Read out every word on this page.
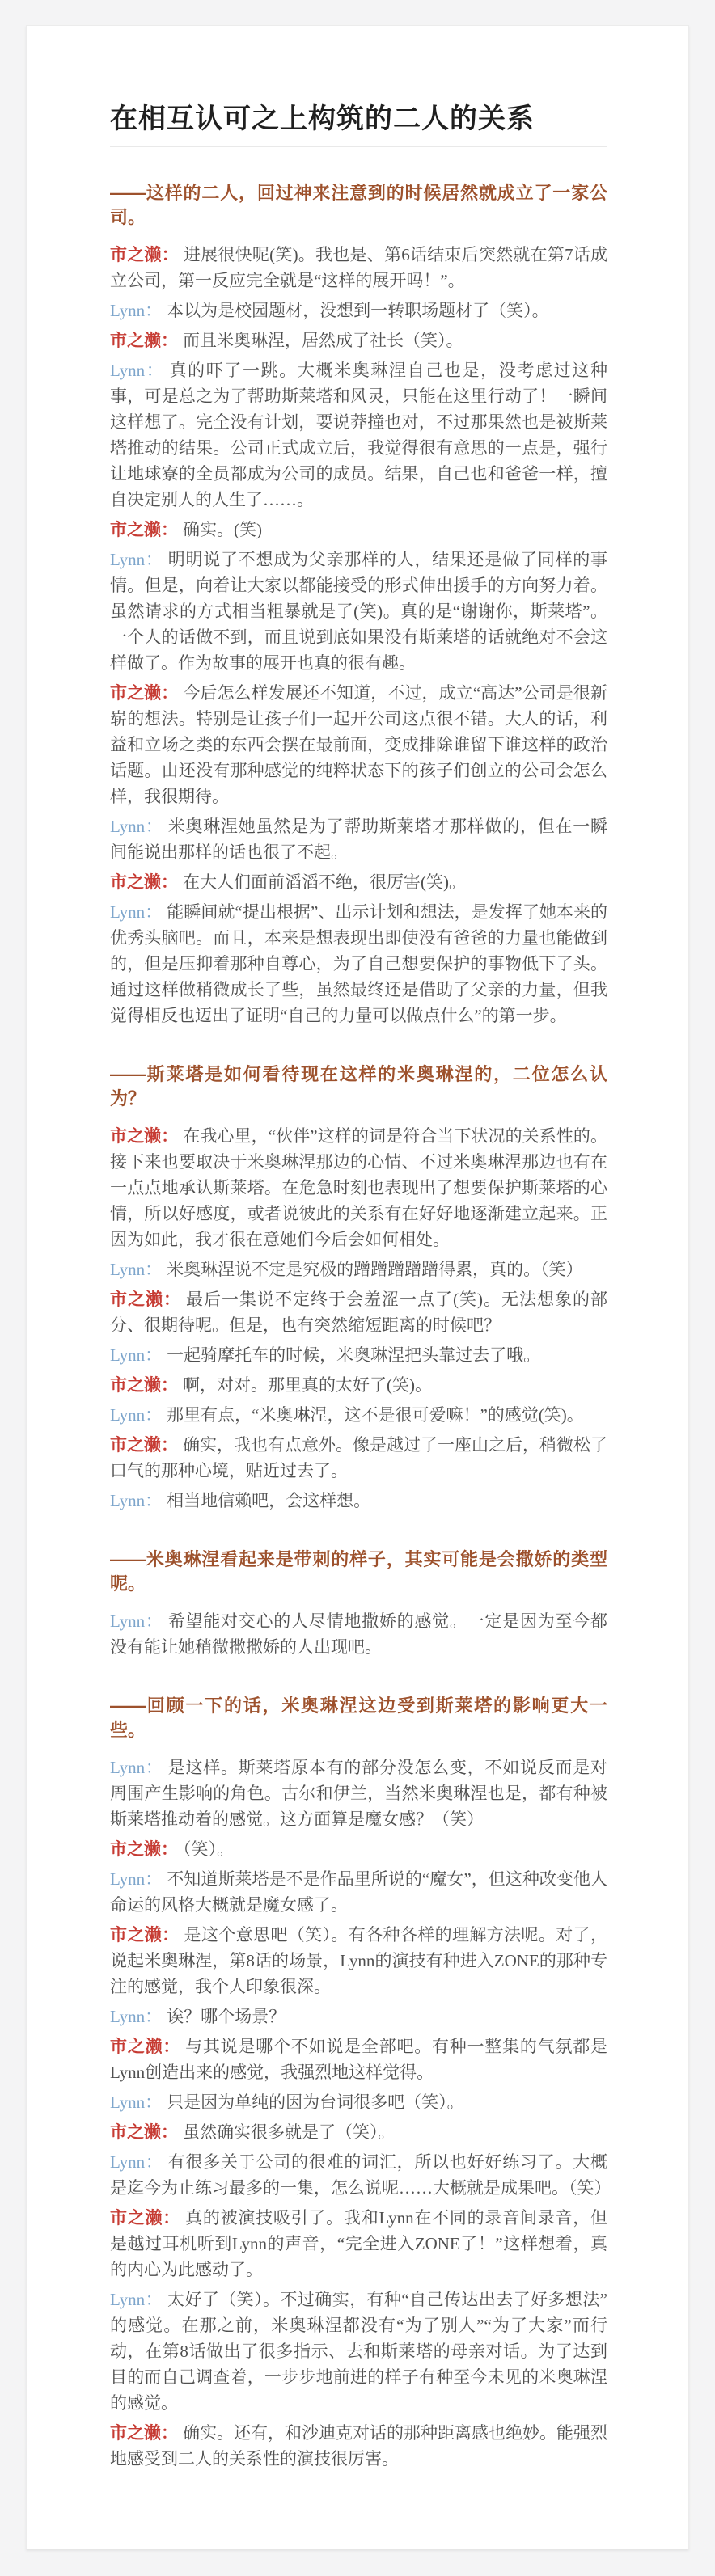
在相互认可之上构筑的二人的关系
——这样的二人，回过神来注意到的时候居然就成立了一家公司。

市之濑： 进展很快呢(笑)。我也是、第6话结束后突然就在第7话成立公司，第一反应完全就是“这样的展开吗！”。

Lynn： 本以为是校园题材，没想到一转职场题材了（笑）。

市之濑： 而且米奥琳涅，居然成了社长（笑）。

Lynn： 真的吓了一跳。大概米奥琳涅自己也是，没考虑过这种事，可是总之为了帮助斯莱塔和风灵，只能在这里行动了！一瞬间这样想了。完全没有计划，要说莽撞也对，不过那果然也是被斯莱塔推动的结果。公司正式成立后，我觉得很有意思的一点是，强行让地球寮的全员都成为公司的成员。结果，自己也和爸爸一样，擅自决定别人的人生了……。

市之濑： 确实。(笑)

Lynn： 明明说了不想成为父亲那样的人，结果还是做了同样的事情。但是，向着让大家以都能接受的形式伸出援手的方向努力着。虽然请求的方式相当粗暴就是了(笑)。真的是“谢谢你，斯莱塔”。一个人的话做不到，而且说到底如果没有斯莱塔的话就绝对不会这样做了。作为故事的展开也真的很有趣。

市之濑： 今后怎么样发展还不知道，不过，成立“高达”公司是很新崭的想法。特别是让孩子们一起开公司这点很不错。大人的话，利益和立场之类的东西会摆在最前面，变成排除谁留下谁这样的政治话题。由还没有那种感觉的纯粹状态下的孩子们创立的公司会怎么样，我很期待。

Lynn： 米奥琳涅她虽然是为了帮助斯莱塔才那样做的，但在一瞬间能说出那样的话也很了不起。

市之濑： 在大人们面前滔滔不绝，很厉害(笑)。

Lynn： 能瞬间就“提出根据”、出示计划和想法，是发挥了她本来的优秀头脑吧。而且，本来是想表现出即使没有爸爸的力量也能做到的，但是压抑着那种自尊心，为了自己想要保护的事物低下了头。通过这样做稍微成长了些，虽然最终还是借助了父亲的力量，但我觉得相反也迈出了证明“自己的力量可以做点什么”的第一步。

——斯莱塔是如何看待现在这样的米奥琳涅的，二位怎么认为？

市之濑： 在我心里，“伙伴”这样的词是符合当下状况的关系性的。接下来也要取决于米奥琳涅那边的心情、不过米奥琳涅那边也有在一点点地承认斯莱塔。在危急时刻也表现出了想要保护斯莱塔的心情，所以好感度，或者说彼此的关系有在好好地逐渐建立起来。正因为如此，我才很在意她们今后会如何相处。

Lynn： 米奥琳涅说不定是究极的蹭蹭蹭蹭蹭得累，真的。（笑）

市之濑： 最后一集说不定终于会羞涩一点了(笑)。无法想象的部分、很期待呢。但是，也有突然缩短距离的时候吧？

Lynn： 一起骑摩托车的时候，米奥琳涅把头靠过去了哦。

市之濑： 啊，对对。那里真的太好了(笑)。

Lynn： 那里有点，“米奥琳涅，这不是很可爱嘛！”的感觉(笑)。

市之濑： 确实，我也有点意外。像是越过了一座山之后，稍微松了口气的那种心境，贴近过去了。

Lynn： 相当地信赖吧，会这样想。

——米奥琳涅看起来是带刺的样子，其实可能是会撒娇的类型呢。

Lynn： 希望能对交心的人尽情地撒娇的感觉。一定是因为至今都没有能让她稍微撒撒娇的人出现吧。

——回顾一下的话，米奥琳涅这边受到斯莱塔的影响更大一些。

Lynn： 是这样。斯莱塔原本有的部分没怎么变，不如说反而是对周围产生影响的角色。古尔和伊兰，当然米奥琳涅也是，都有种被斯莱塔推动着的感觉。这方面算是魔女感？（笑）

市之濑： （笑）。

Lynn： 不知道斯莱塔是不是作品里所说的“魔女”，但这种改变他人命运的风格大概就是魔女感了。

市之濑： 是这个意思吧（笑）。有各种各样的理解方法呢。对了，说起米奥琳涅，第8话的场景，Lynn的演技有种进入ZONE的那种专注的感觉，我个人印象很深。

Lynn： 诶？哪个场景？

市之濑： 与其说是哪个不如说是全部吧。有种一整集的气氛都是Lynn创造出来的感觉，我强烈地这样觉得。

Lynn： 只是因为单纯的因为台词很多吧（笑）。

市之濑： 虽然确实很多就是了（笑）。

Lynn： 有很多关于公司的很难的词汇，所以也好好练习了。大概是迄今为止练习最多的一集，怎么说呢……大概就是成果吧。（笑）

市之濑： 真的被演技吸引了。我和Lynn在不同的录音间录音，但是越过耳机听到Lynn的声音，“完全进入ZONE了！”这样想着，真的内心为此感动了。

Lynn： 太好了（笑）。不过确实，有种“自己传达出去了好多想法”的感觉。在那之前，米奥琳涅都没有“为了别人”“为了大家”而行动，在第8话做出了很多指示、去和斯莱塔的母亲对话。为了达到目的而自己调查着，一步步地前进的样子有种至今未见的米奥琳涅的感觉。

市之濑： 确实。还有，和沙迪克对话的那种距离感也绝妙。能强烈地感受到二人的关系性的演技很厉害。
